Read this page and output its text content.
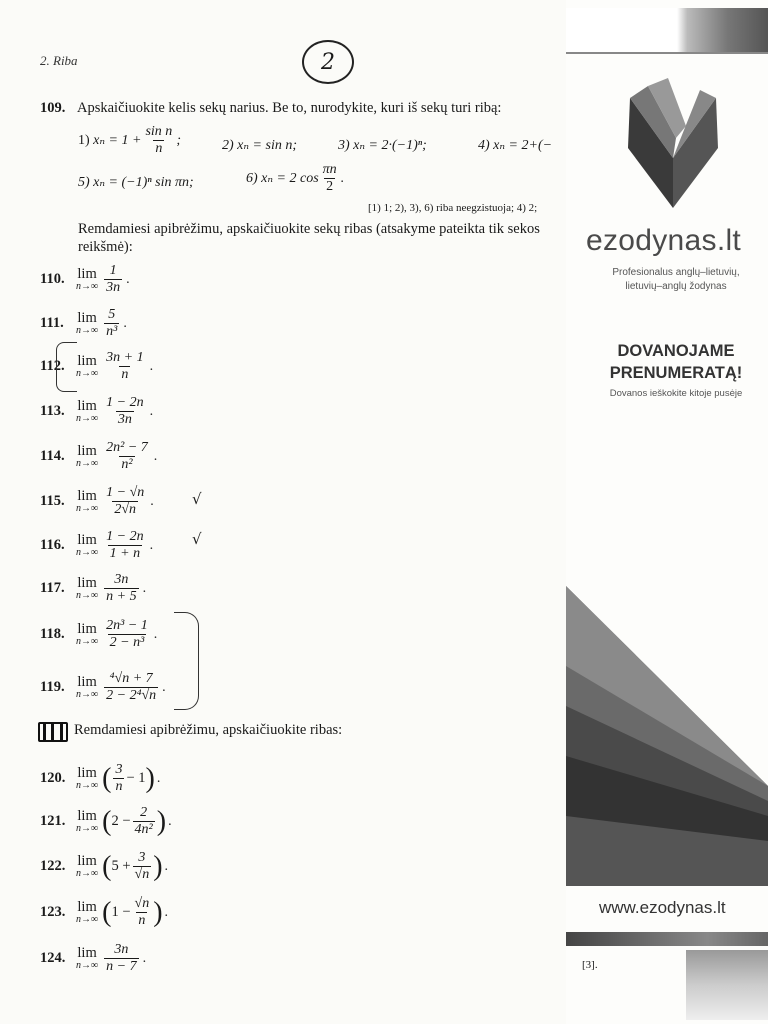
2. Riba	2
109. Apskaičiuokite kelis sekų narius. Be to, nurodykite, kuri iš sekų turi ribą:
1)
$x_n = 1 + \frac{\text{sin n}}{n}$ ;	2) xₙ = sin n;	3) xₙ = 2·(−1)ⁿ;	4) xₙ = 2+(−
5) xₙ = (−1)ⁿ sin πn;	6) xₙ = 2 $\cos \frac{\pi n}{2}$ .
[1) 1; 2), 3), 6) riba neegzistuoja; 4) 2;
Remdamiesi apibrėžimu, apskaičiuokite sekų ribas (atsakyme pateikta tik sekos
reikšmė):
110. lim
$n\to\infty \frac{1}{3n}$ .
111. lim
$n\to\infty \frac{5}{\text{n³}}$ .
112. lim
$n\to\infty \frac{3n + 1}{n}$ .
113. lim
$n\to\infty \frac{1 - 2n}{3n}$ .
114. lim
$n\to\infty \frac{\text{2n² − 7}}{\text{n²}}$ .
115. lim
$n\to\infty \frac{1 - √n}{2√n}$ .
116. lim
$n\to\infty \frac{1 - 2n}{1 + n}$ .
117. lim
$n\to\infty \frac{3n}{n + 5}$ .
118. lim
$n\to\infty \frac{\text{2n³ − 1}}{\text{2 − n³}}$ .
119. lim
$n\to\infty \frac{\text{⁴√n + 7}}{\text{2 − 2⁴√n}}$ .
√
√
Remdamiesi apibrėžimu, apskaičiuokite ribas:
120. lim
n→∞ ( $\frac{3}{n} - 1$ ) .
121. lim
n→∞ ( $2 - \frac{2}{\text{4n²}}$ ) .
122. lim
n→∞ ( $5 + \frac{3}{√n}$ ) .
123. lim
n→∞ ( $1 - \frac{√n}{n}$ ) .
124. lim
$n\to\infty \frac{3n}{n - 7}$ .
ezodynas.lt
Profesionalus anglų–lietuvių,
lietuvių–anglų žodynas
DOVANOJAME
PRENUMERATĄ!
Dovanos ieškokite kitoje pusėje
www.ezodynas.lt
[3].
